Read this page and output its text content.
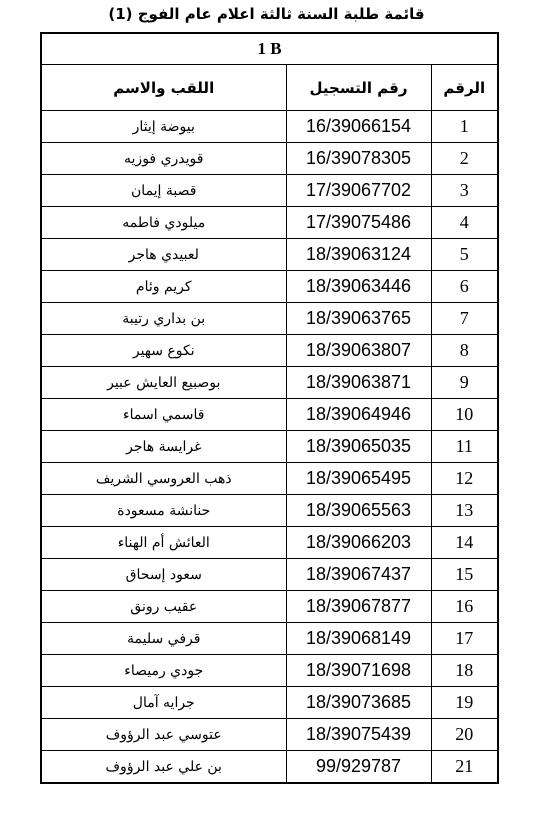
قائمة طلبة السنة ثالثة اعلام عام الفوج (1)
1 B		
اللقب والاسم	رقم التسجيل	الرقم
بيوضة إيثار	16/39066154	1
قويدري فوزيه	16/39078305	2
قصبة إيمان	17/39067702	3
ميلودي فاطمه	17/39075486	4
لعبيدي هاجر	18/39063124	5
كريم وئام	18/39063446	6
بن بداري رتيبة	18/39063765	7
نكوع سهير	18/39063807	8
بوصبيع العايش عبير	18/39063871	9
قاسمي اسماء	18/39064946	10
غرايسة هاجر	18/39065035	11
ذهب العروسي الشريف	18/39065495	12
حنانشة مسعودة	18/39065563	13
العائش أم الهناء	18/39066203	14
سعود إسحاق	18/39067437	15
عقيب رونق	18/39067877	16
قرفي سليمة	18/39068149	17
جودي رميصاء	18/39071698	18
جرايه آمال	18/39073685	19
عتوسي عبد الرؤوف	18/39075439	20
بن علي عبد الرؤوف	99/929787	21
